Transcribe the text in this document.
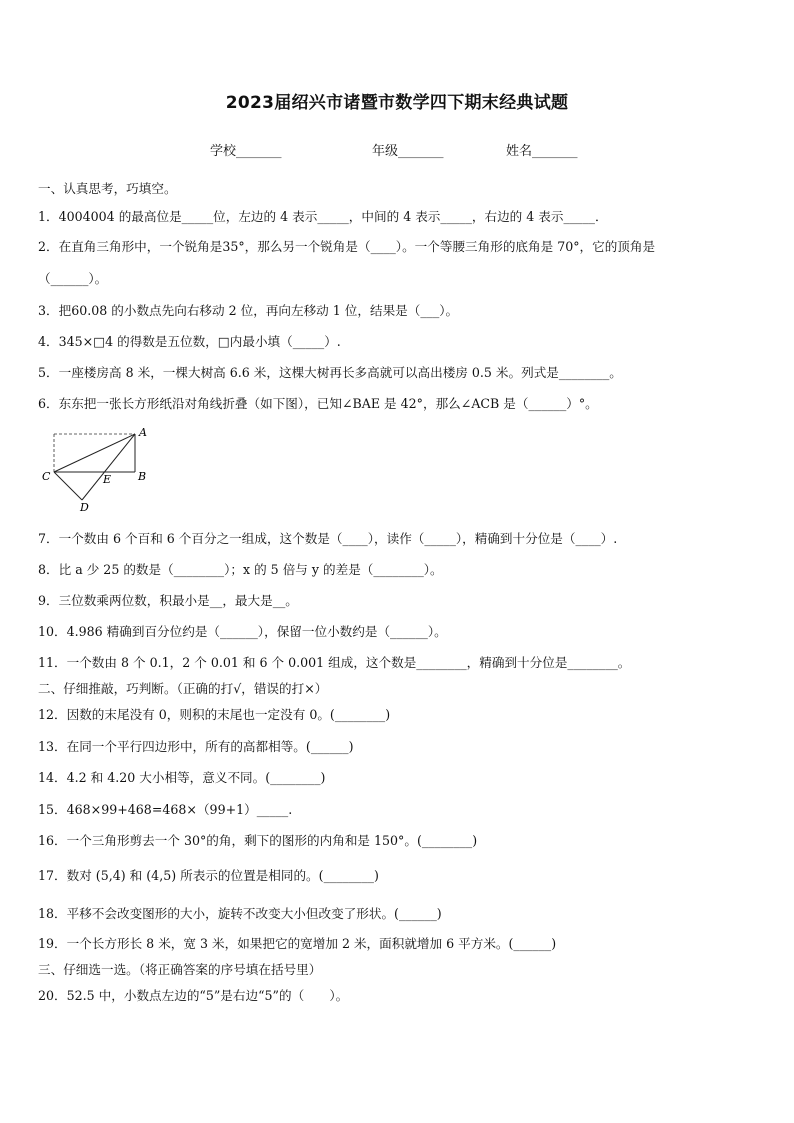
2023届绍兴市诸暨市数学四下期末经典试题
学校_______	年级_______	姓名_______
一、认真思考，巧填空。
1．4004004 的最高位是_____位，左边的 4 表示_____，中间的 4 表示_____，右边的 4 表示_____．
2．在直角三角形中，一个锐角是35°，那么另一个锐角是（____）。一个等腰三角形的底角是 70°，它的顶角是
（______）。
3．把60.08 的小数点先向右移动 2 位，再向左移动 1 位，结果是（___）。
4．345×□4 的得数是五位数，□内最小填（_____）.
5．一座楼房高 8 米，一棵大树高 6.6 米，这棵大树再长多高就可以高出楼房 0.5 米。列式是________。
6．东东把一张长方形纸沿对角线折叠（如下图），已知∠BAE 是 42°，那么∠ACB 是（______）°。
A
B
C
D
E
7．一个数由 6 个百和 6 个百分之一组成，这个数是（____），读作（_____），精确到十分位是（____）.
8．比 a 少 25 的数是（________）；x 的 5 倍与 y 的差是（________）。
9．三位数乘两位数，积最小是__，最大是__。
10．4.986 精确到百分位约是（______），保留一位小数约是（______）。
11．一个数由 8 个 0.1，2 个 0.01 和 6 个 0.001 组成，这个数是________，精确到十分位是________。
二、仔细推敲，巧判断。（正确的打√，错误的打×）
12．因数的末尾没有 0，则积的末尾也一定没有 0。(________)
13．在同一个平行四边形中，所有的高都相等。(______)
14．4.2 和 4.20 大小相等，意义不同。(________)
15．468×99+468=468×（99+1）_____.
16．一个三角形剪去一个 30°的角，剩下的图形的内角和是 150°。(________)
17．数对 (5,4) 和 (4,5) 所表示的位置是相同的。(________)
18．平移不会改变图形的大小，旋转不改变大小但改变了形状。(______)
19．一个长方形长 8 米，宽 3 米，如果把它的宽增加 2 米，面积就增加 6 平方米。(______)
三、仔细选一选。（将正确答案的序号填在括号里）
20．52.5 中，小数点左边的“5”是右边“5”的（　　）。
